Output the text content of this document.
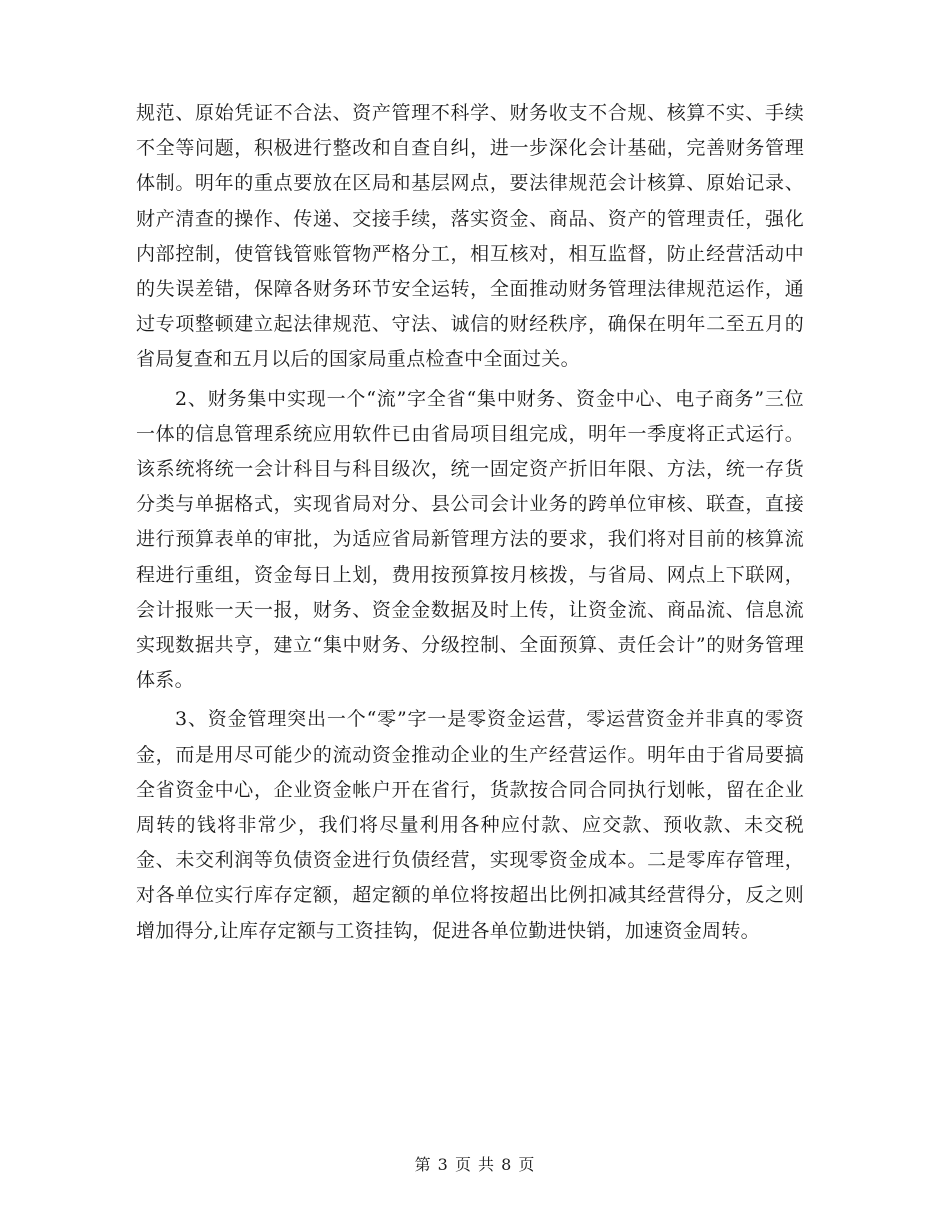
规范、原始凭证不合法、资产管理不科学、财务收支不合规、核算不实、手续不全等问题，积极进行整改和自查自纠，进一步深化会计基础，完善财务管理体制。明年的重点要放在区局和基层网点，要法律规范会计核算、原始记录、财产清查的操作、传递、交接手续，落实资金、商品、资产的管理责任，强化内部控制，使管钱管账管物严格分工，相互核对，相互监督，防止经营活动中的失误差错，保障各财务环节安全运转，全面推动财务管理法律规范运作，通过专项整顿建立起法律规范、守法、诚信的财经秩序，确保在明年二至五月的省局复查和五月以后的国家局重点检查中全面过关。

2、财务集中实现一个“流”字全省“集中财务、资金中心、电子商务”三位一体的信息管理系统应用软件已由省局项目组完成，明年一季度将正式运行。该系统将统一会计科目与科目级次，统一固定资产折旧年限、方法，统一存货分类与单据格式，实现省局对分、县公司会计业务的跨单位审核、联查，直接进行预算表单的审批，为适应省局新管理方法的要求，我们将对目前的核算流程进行重组，资金每日上划，费用按预算按月核拨，与省局、网点上下联网，会计报账一天一报，财务、资金金数据及时上传，让资金流、商品流、信息流实现数据共亨，建立“集中财务、分级控制、全面预算、责任会计”的财务管理体系。

3、资金管理突出一个“零”字一是零资金运营，零运营资金并非真的零资金，而是用尽可能少的流动资金推动企业的生产经营运作。明年由于省局要搞全省资金中心，企业资金帐户开在省行，货款按合同合同执行划帐，留在企业周转的钱将非常少，我们将尽量利用各种应付款、应交款、预收款、未交税金、未交利润等负债资金进行负债经营，实现零资金成本。二是零库存管理，对各单位实行库存定额，超定额的单位将按超出比例扣减其经营得分，反之则增加得分,让库存定额与工资挂钩，促进各单位勤进快销，加速资金周转。

第 3 页 共 8 页
